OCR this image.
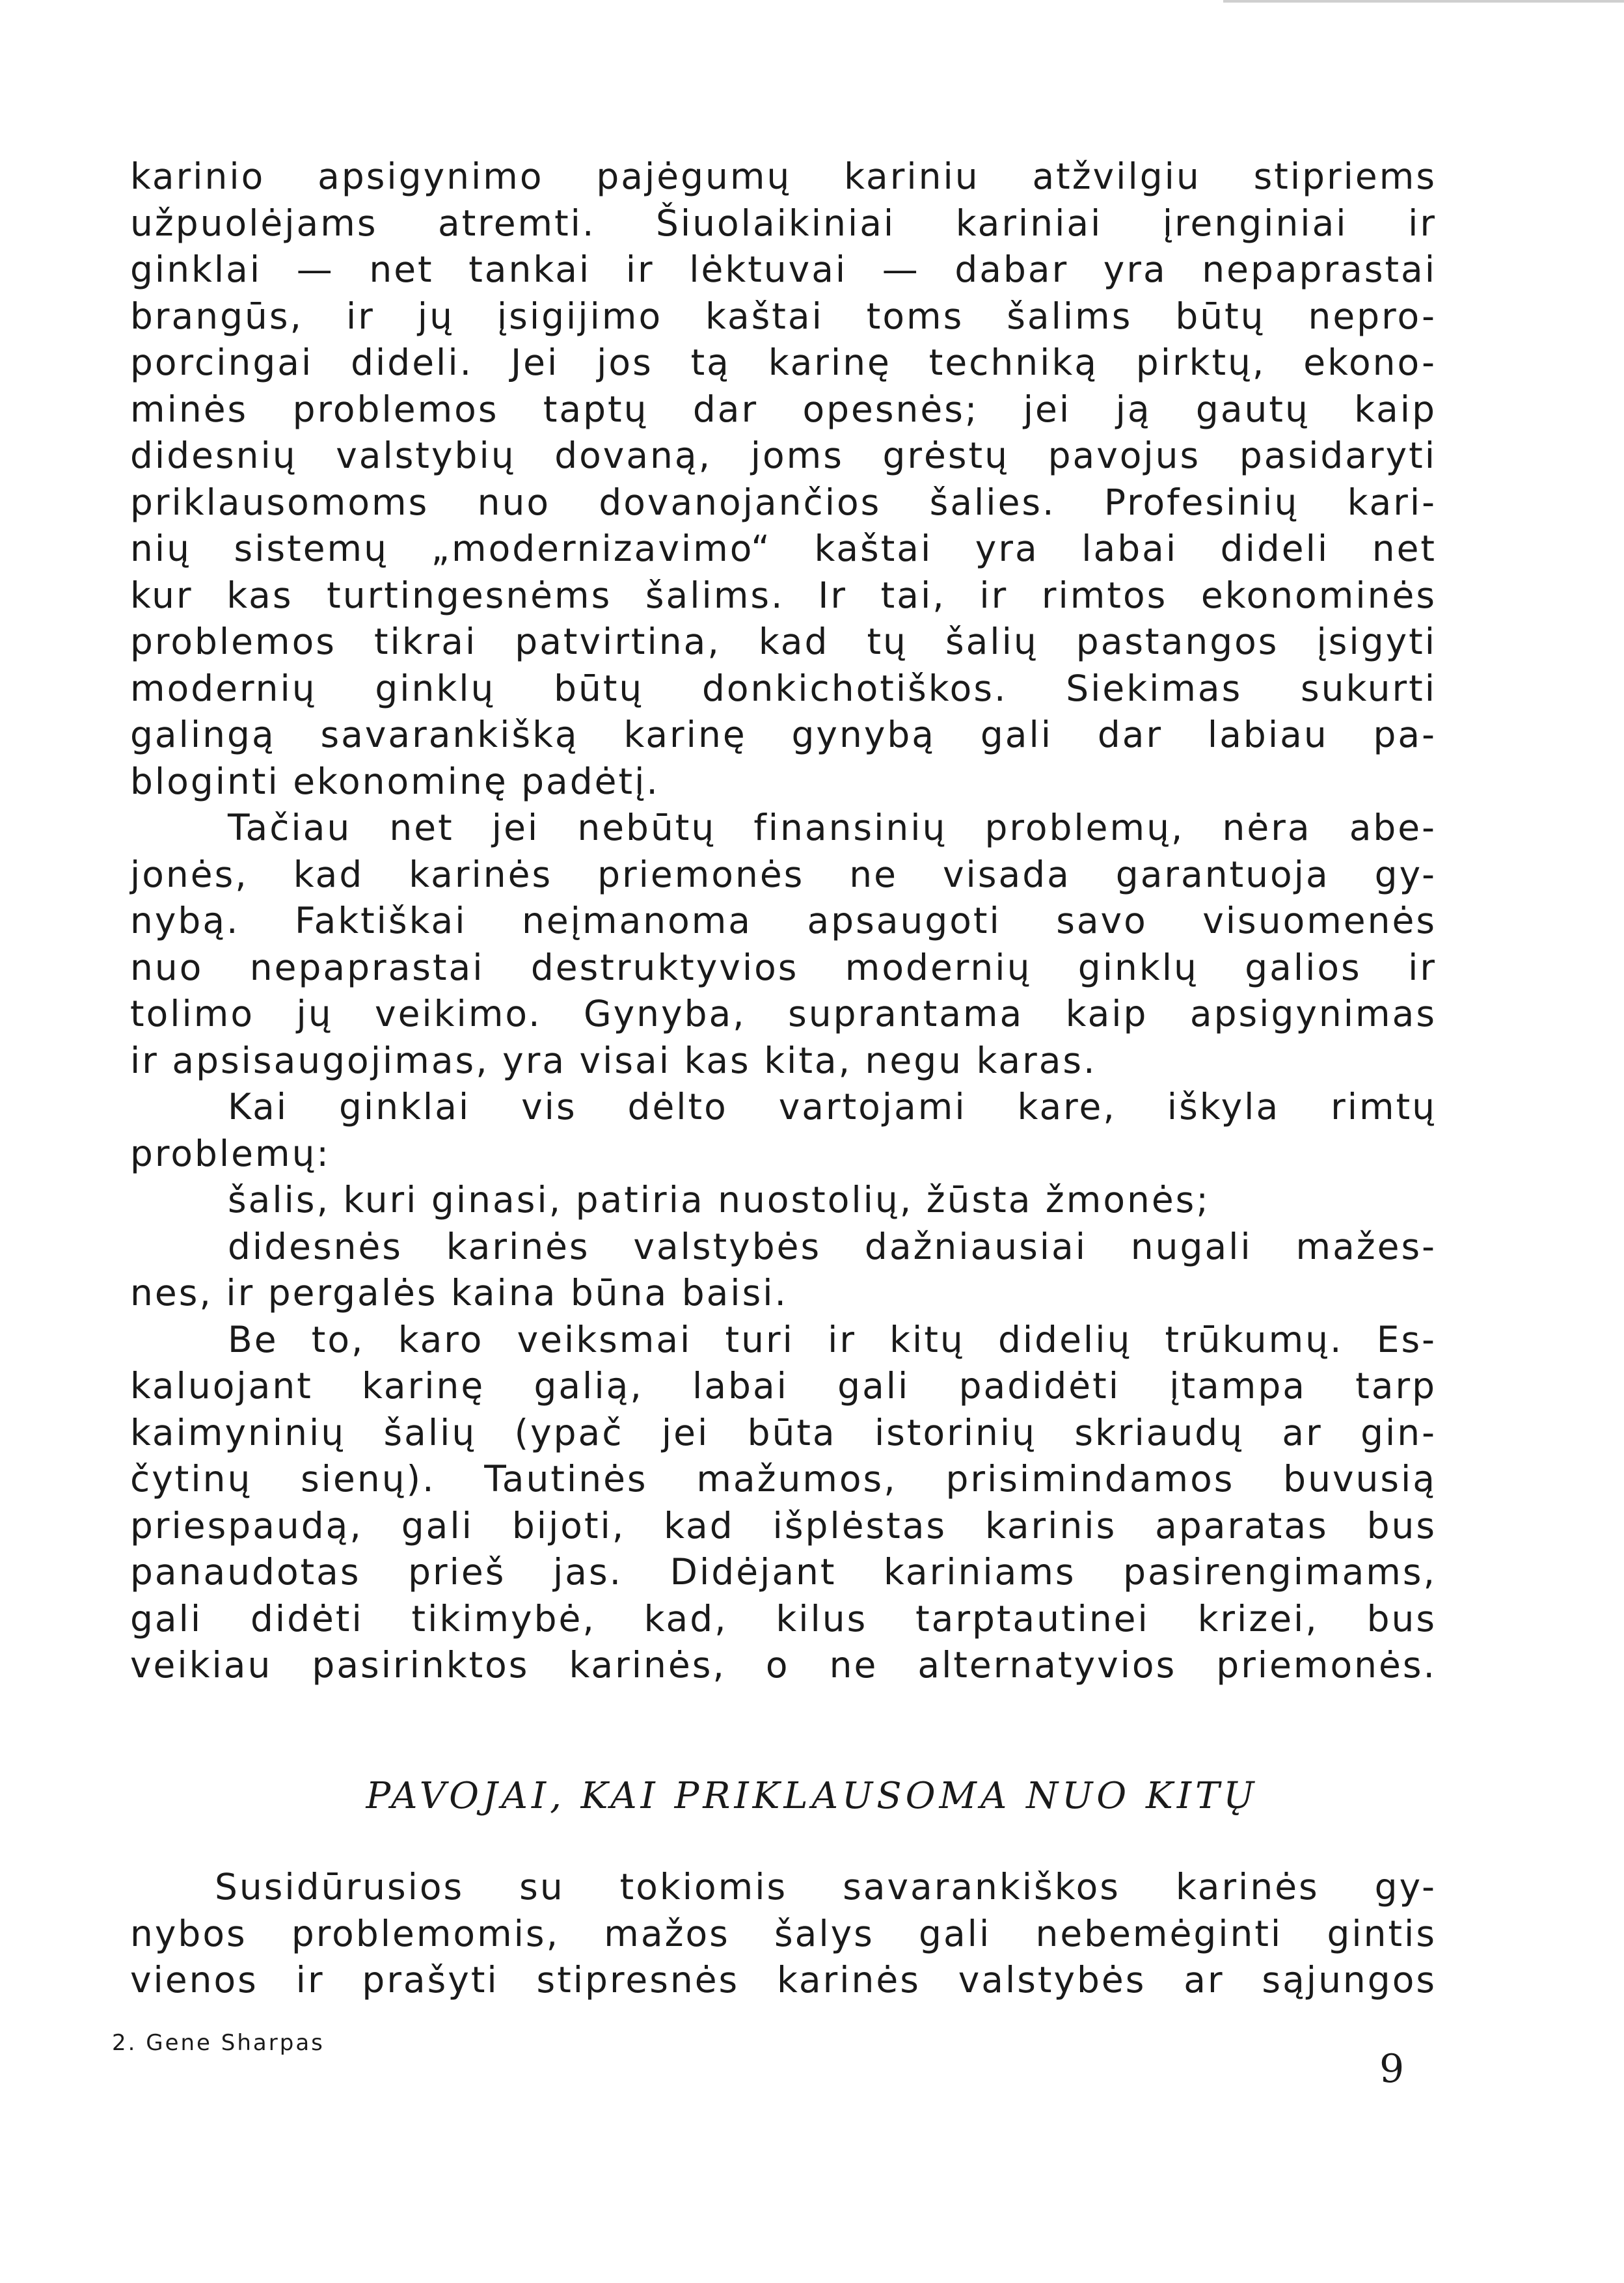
karinio apsigynimo pajėgumų kariniu atžvilgiu stipriems
užpuolėjams atremti. Šiuolaikiniai kariniai įrenginiai ir
ginklai — net tankai ir lėktuvai — dabar yra nepaprastai
brangūs, ir jų įsigijimo kaštai toms šalims būtų nepro-
porcingai dideli. Jei jos tą karinę techniką pirktų, ekono-
minės problemos taptų dar opesnės; jei ją gautų kaip
didesnių valstybių dovaną, joms grėstų pavojus pasidaryti
priklausomoms nuo dovanojančios šalies. Profesinių kari-
nių sistemų „modernizavimo“ kaštai yra labai dideli net
kur kas turtingesnėms šalims. Ir tai, ir rimtos ekonominės
problemos tikrai patvirtina, kad tų šalių pastangos įsigyti
modernių ginklų būtų donkichotiškos. Siekimas sukurti
galingą savarankišką karinę gynybą gali dar labiau pa-
bloginti ekonominę padėtį.
Tačiau net jei nebūtų finansinių problemų, nėra abe-
jonės, kad karinės priemonės ne visada garantuoja gy-
nybą. Faktiškai neįmanoma apsaugoti savo visuomenės
nuo nepaprastai destruktyvios modernių ginklų galios ir
tolimo jų veikimo. Gynyba, suprantama kaip apsigynimas
ir apsisaugojimas, yra visai kas kita, negu karas.
Kai ginklai vis dėlto vartojami kare, iškyla rimtų
problemų:
šalis, kuri ginasi, patiria nuostolių, žūsta žmonės;
didesnės karinės valstybės dažniausiai nugali mažes-
nes, ir pergalės kaina būna baisi.
Be to, karo veiksmai turi ir kitų didelių trūkumų. Es-
kaluojant karinę galią, labai gali padidėti įtampa tarp
kaimyninių šalių (ypač jei būta istorinių skriaudų ar gin-
čytinų sienų). Tautinės mažumos, prisimindamos buvusią
priespaudą, gali bijoti, kad išplėstas karinis aparatas bus
panaudotas prieš jas. Didėjant kariniams pasirengimams,
gali didėti tikimybė, kad, kilus tarptautinei krizei, bus
veikiau pasirinktos karinės, o ne alternatyvios priemonės.
PAVOJAI, KAI PRIKLAUSOMA NUO KITŲ
Susidūrusios su tokiomis savarankiškos karinės gy-
nybos problemomis, mažos šalys gali nebemėginti gintis
vienos ir prašyti stipresnės karinės valstybės ar sąjungos
2. Gene Sharpas
9
